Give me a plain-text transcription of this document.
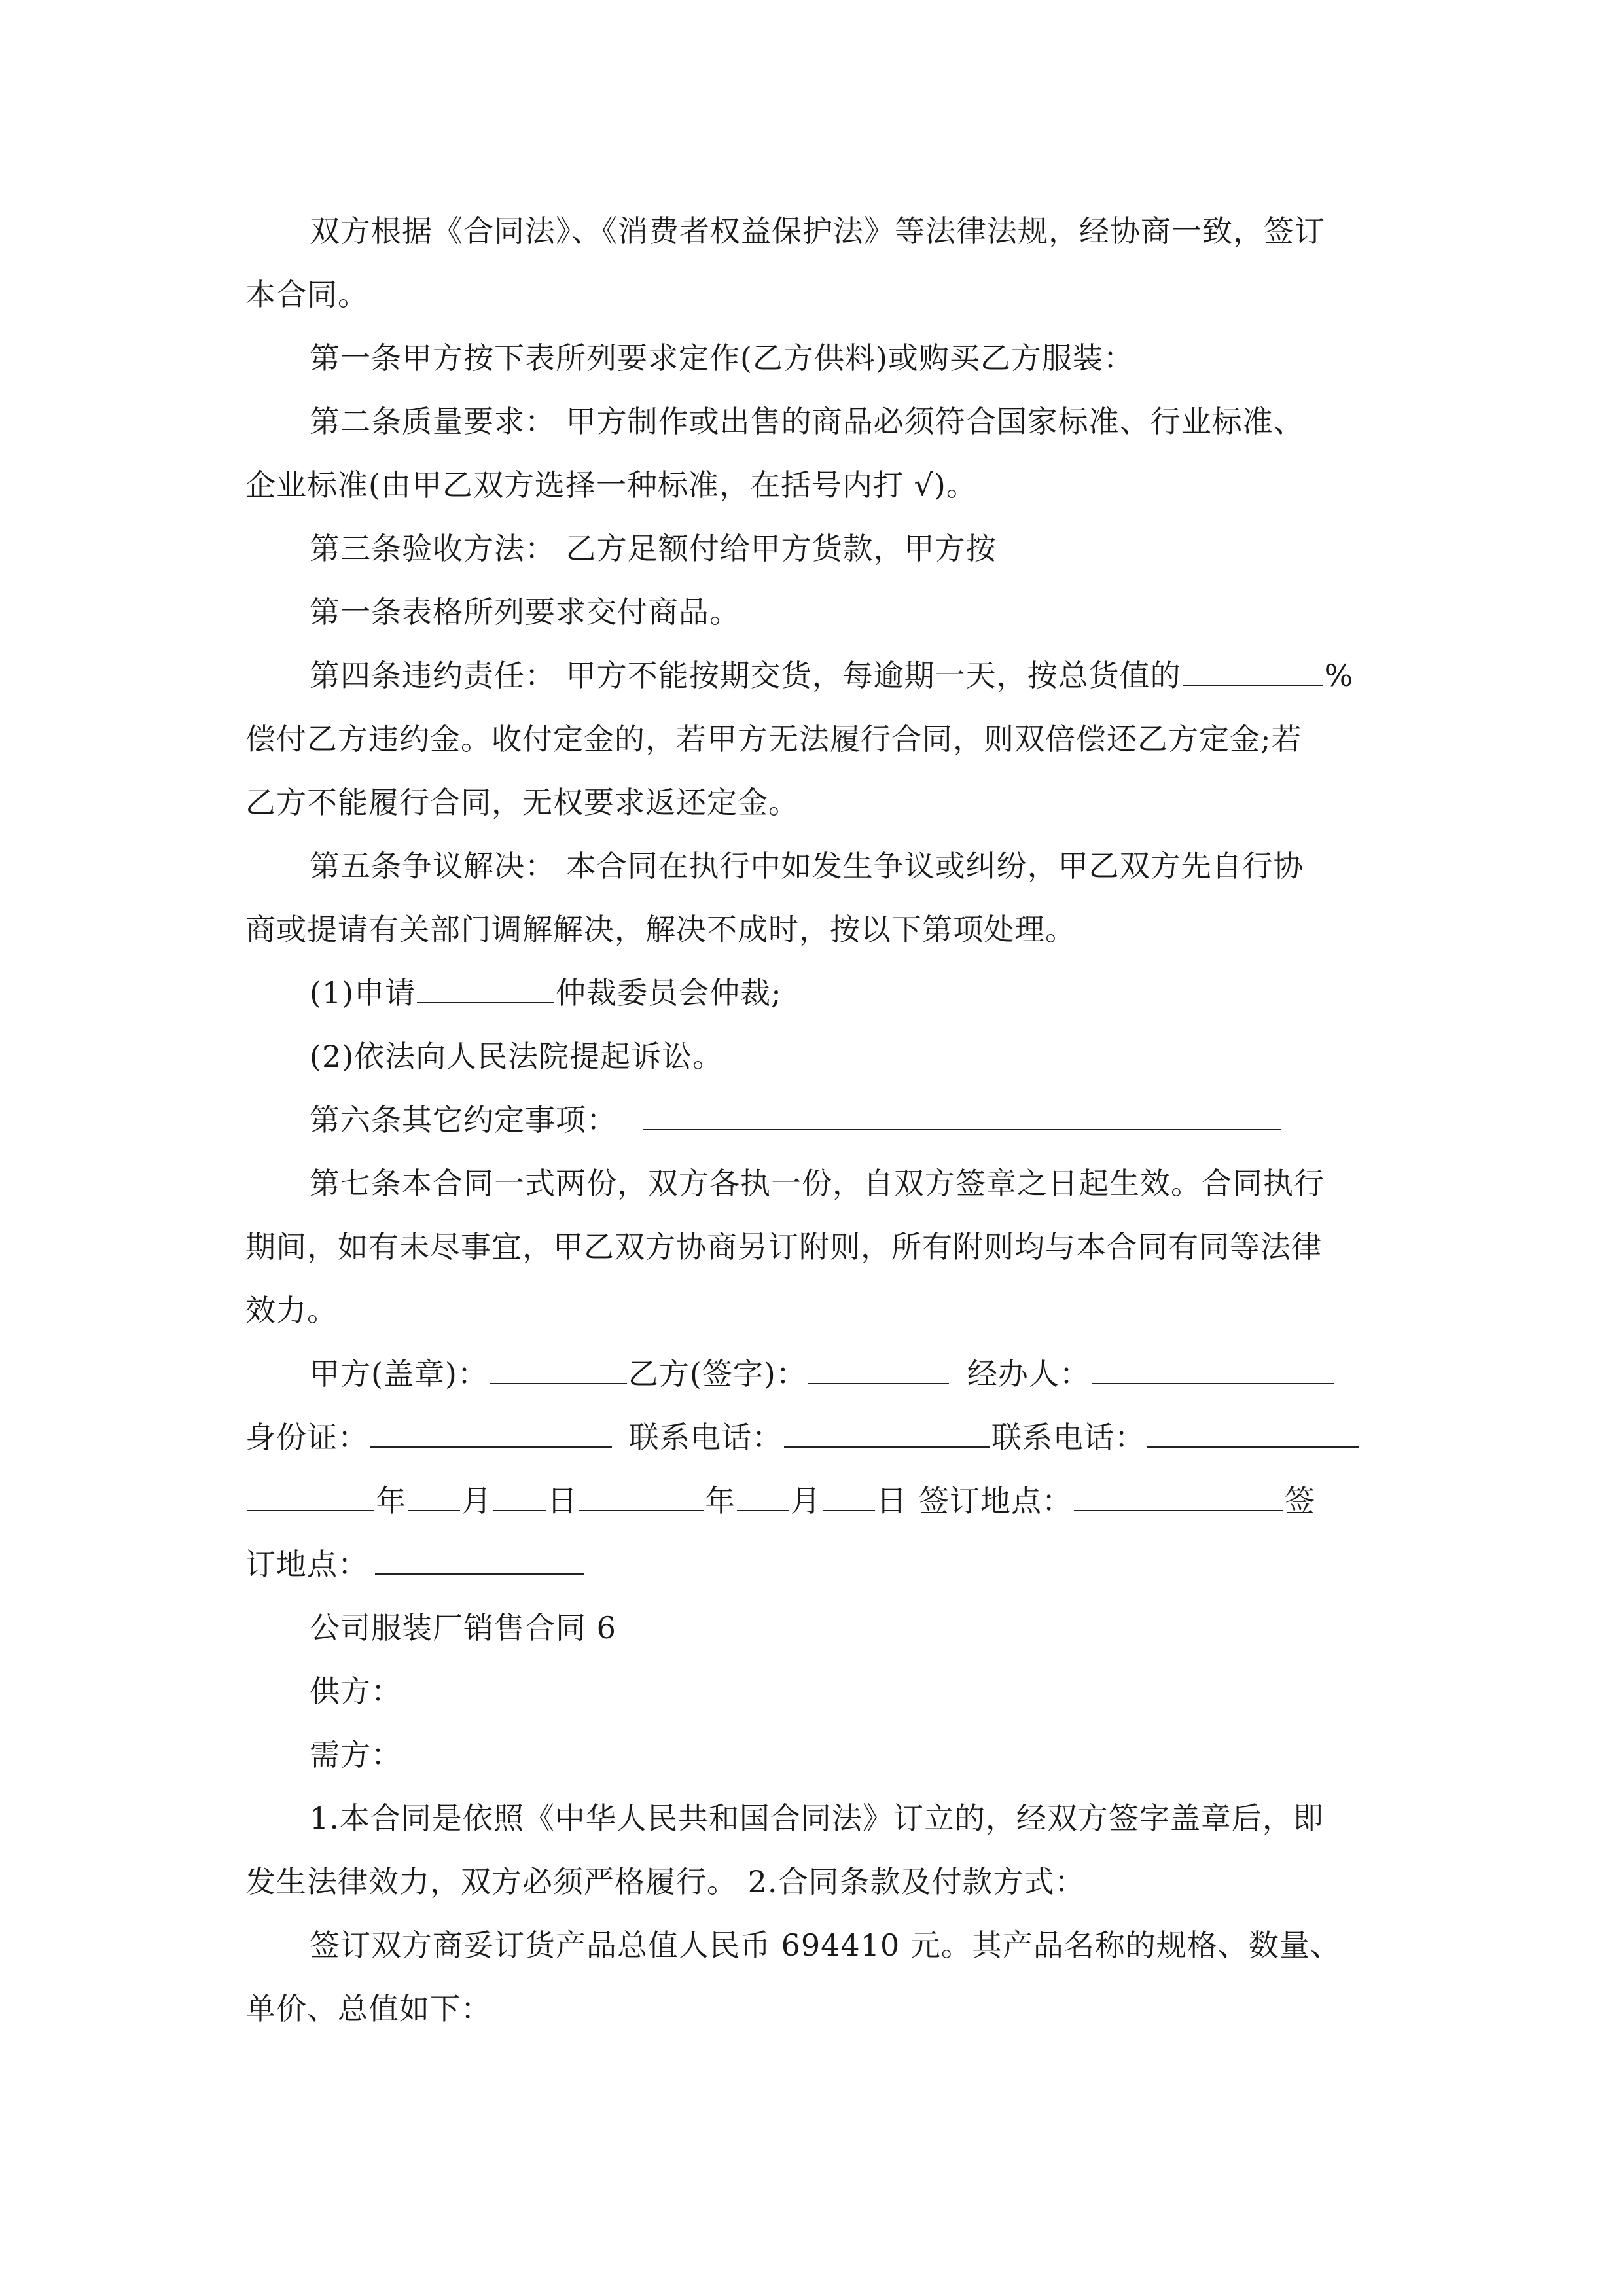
双方根据《合同法》、《消费者权益保护法》等法律法规，经协商一致，签订
本合同。
第一条甲方按下表所列要求定作(乙方供料)或购买乙方服装：
第二条质量要求： 甲方制作或出售的商品必须符合国家标准、行业标准、
企业标准(由甲乙双方选择一种标准，在括号内打 √)。
第三条验收方法： 乙方足额付给甲方货款，甲方按
第一条表格所列要求交付商品。
第四条违约责任： 甲方不能按期交货，每逾期一天，按总货值的	%
偿付乙方违约金。收付定金的，若甲方无法履行合同，则双倍偿还乙方定金;若
乙方不能履行合同，无权要求返还定金。
第五条争议解决： 本合同在执行中如发生争议或纠纷，甲乙双方先自行协
商或提请有关部门调解解决，解决不成时，按以下第项处理。
(1)申请	仲裁委员会仲裁;
(2)依法向人民法院提起诉讼。
第六条其它约定事项：
第七条本合同一式两份，双方各执一份，自双方签章之日起生效。合同执行
期间，如有未尽事宜，甲乙双方协商另订附则，所有附则均与本合同有同等法律
效力。
甲方(盖章)：	乙方(签字)：	经办人：
身份证：	联系电话：	联系电话：
年 月 日	年 月 日 签订地点：	签
订地点：
公司服装厂销售合同 6
供方：
需方：
1.本合同是依照《中华人民共和国合同法》订立的，经双方签字盖章后，即
发生法律效力，双方必须严格履行。 2.合同条款及付款方式：
签订双方商妥订货产品总值人民币 694410 元。其产品名称的规格、数量、
单价、总值如下：
